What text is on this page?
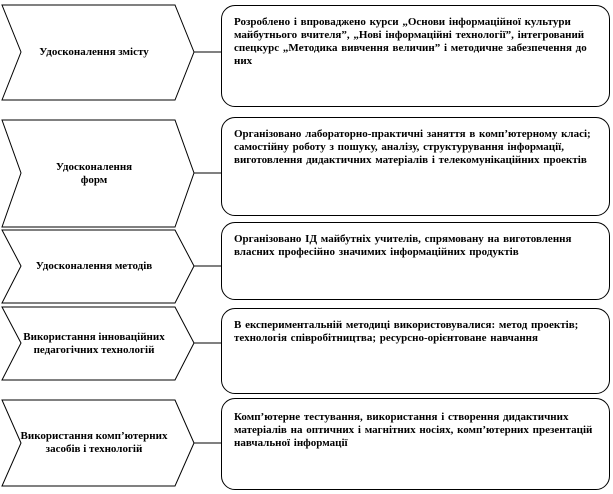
Удосконалення змісту
Удосконалення форм
Удосконалення методів
Використання інноваційних педагогічних технологій
Використання комп’ютерних засобів і технологій
Розроблено і впроваджено курси „Основи інформаційної культури майбутнього вчителя”, „Нові інформаційні технології”, інтегрований спецкурс „Методика вивчення величин” і методичне забезпечення до них
Організовано лабораторно-практичні заняття в комп’ютерному класі; самостійну роботу з пошуку, аналізу, структурування інформації, виготовлення дидактичних матеріалів і телекомунікаційних проектів
Організовано ІД майбутніх учителів, спрямовану на виготовлення власних професійно значимих інформаційних продуктів
В експериментальній методиці використовувалися: метод проектів; технологія співробітництва; ресурсно-орієнтоване навчання
Комп’ютерне тестування, використання і створення дидактичних матеріалів на оптичних і магнітних носіях, комп’ютерних презентацій навчальної інформації
